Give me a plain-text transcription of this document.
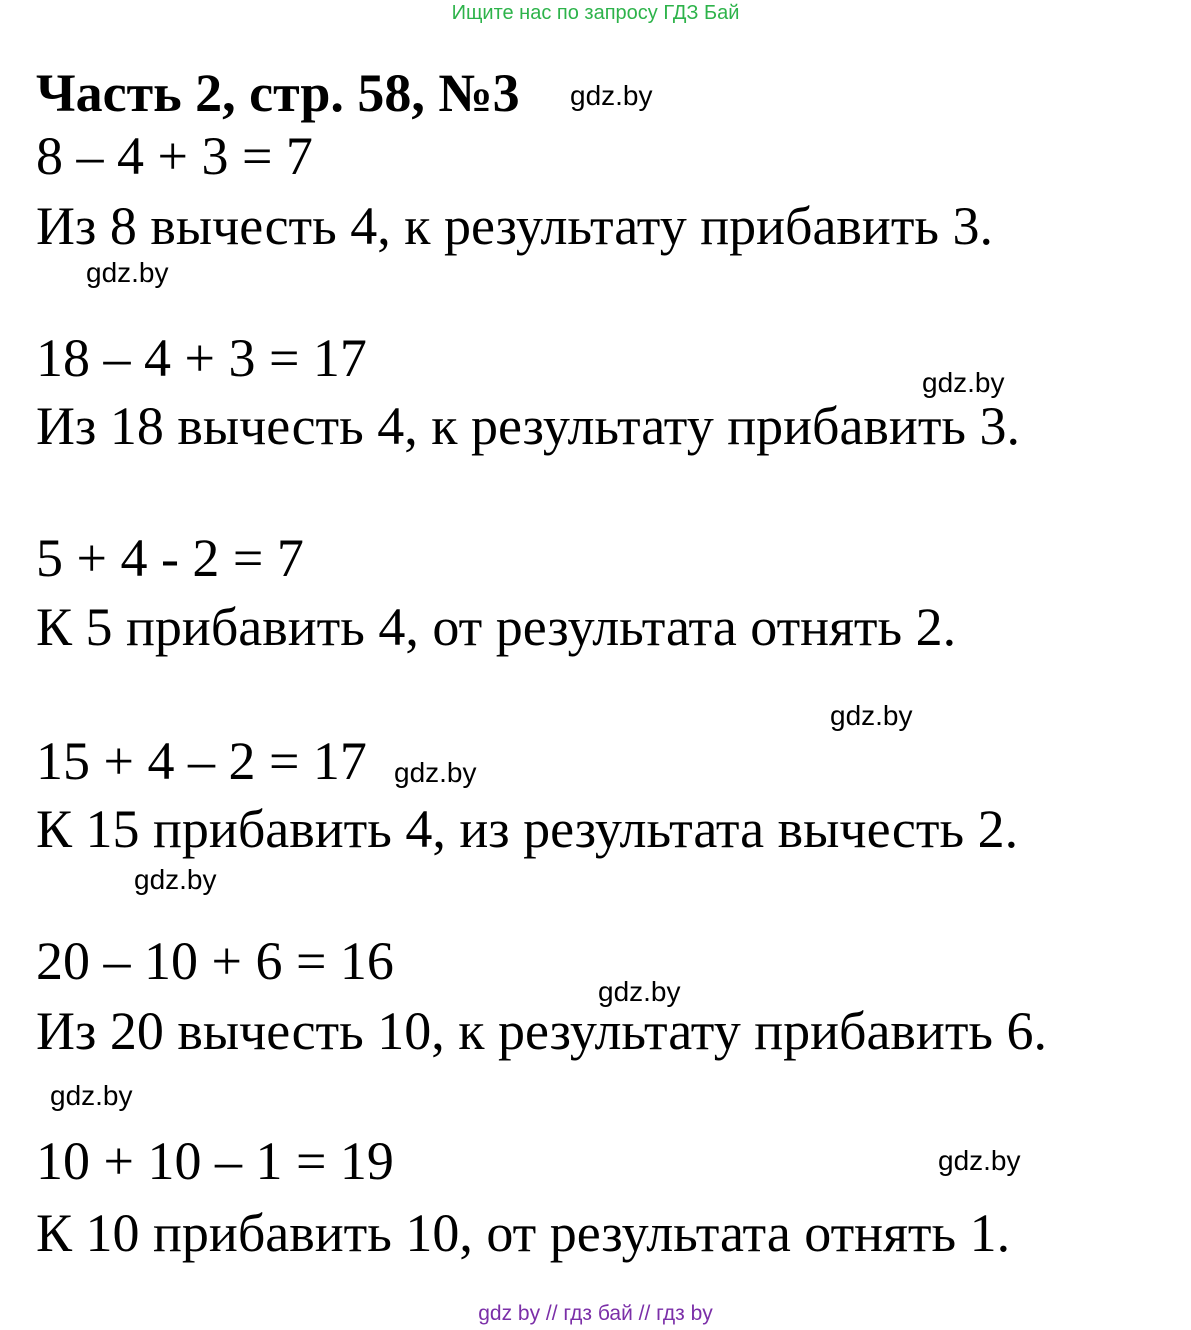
Ищите нас по запросу ГДЗ Бай
Часть 2, стр. 58, №3 gdz.by
8 – 4 + 3 = 7
Из 8 вычесть 4, к результату прибавить 3.
gdz.by
18 – 4 + 3 = 17	gdz.by
Из 18 вычесть 4, к результату прибавить 3.
5 + 4 - 2 = 7
К 5 прибавить 4, от результата отнять 2.
gdz.by
15 + 4 – 2 = 17 gdz.by
К 15 прибавить 4, из результата вычесть 2.
gdz.by
20 – 10 + 6 = 16
gdz.by
Из 20 вычесть 10, к результату прибавить 6.
gdz.by
10 + 10 – 1 = 19	gdz.by
К 10 прибавить 10, от результата отнять 1.
gdz by // гдз бай // гдз by
